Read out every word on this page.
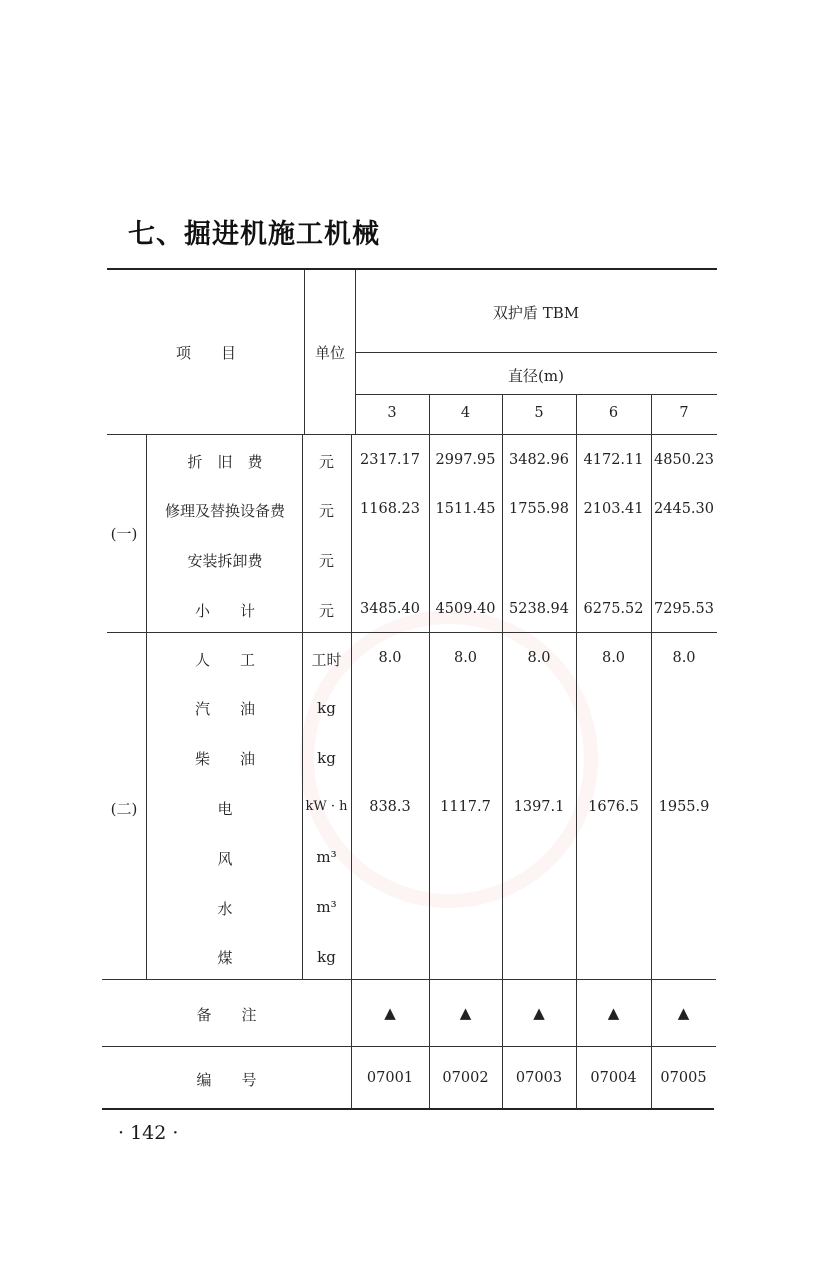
七、掘进机施工机械
项　　目	单位
双护盾 TBM
直径(m)
3	4	5	6	7
(一)
折　旧　费	元	2317.17	2997.95 3482.96	4172.11 4850.23
修理及替换设备费	元	1168.23	1511.45 1755.98	2103.41 2445.30
安装拆卸费	元
小　　计	元	3485.40	4509.40 5238.94	6275.52 7295.53
(二)
人　　工	工时	8.0	8.0	8.0	8.0	8.0
汽　　油	kg
柴　　油	kg
电	kW · h	838.3	1117.7	1397.1	1676.5	1955.9
风	m³
水	m³
煤	kg
备　　注	▲	▲	▲	▲	▲
编　　号	07001	07002	07003	07004	07005
· 142 ·
